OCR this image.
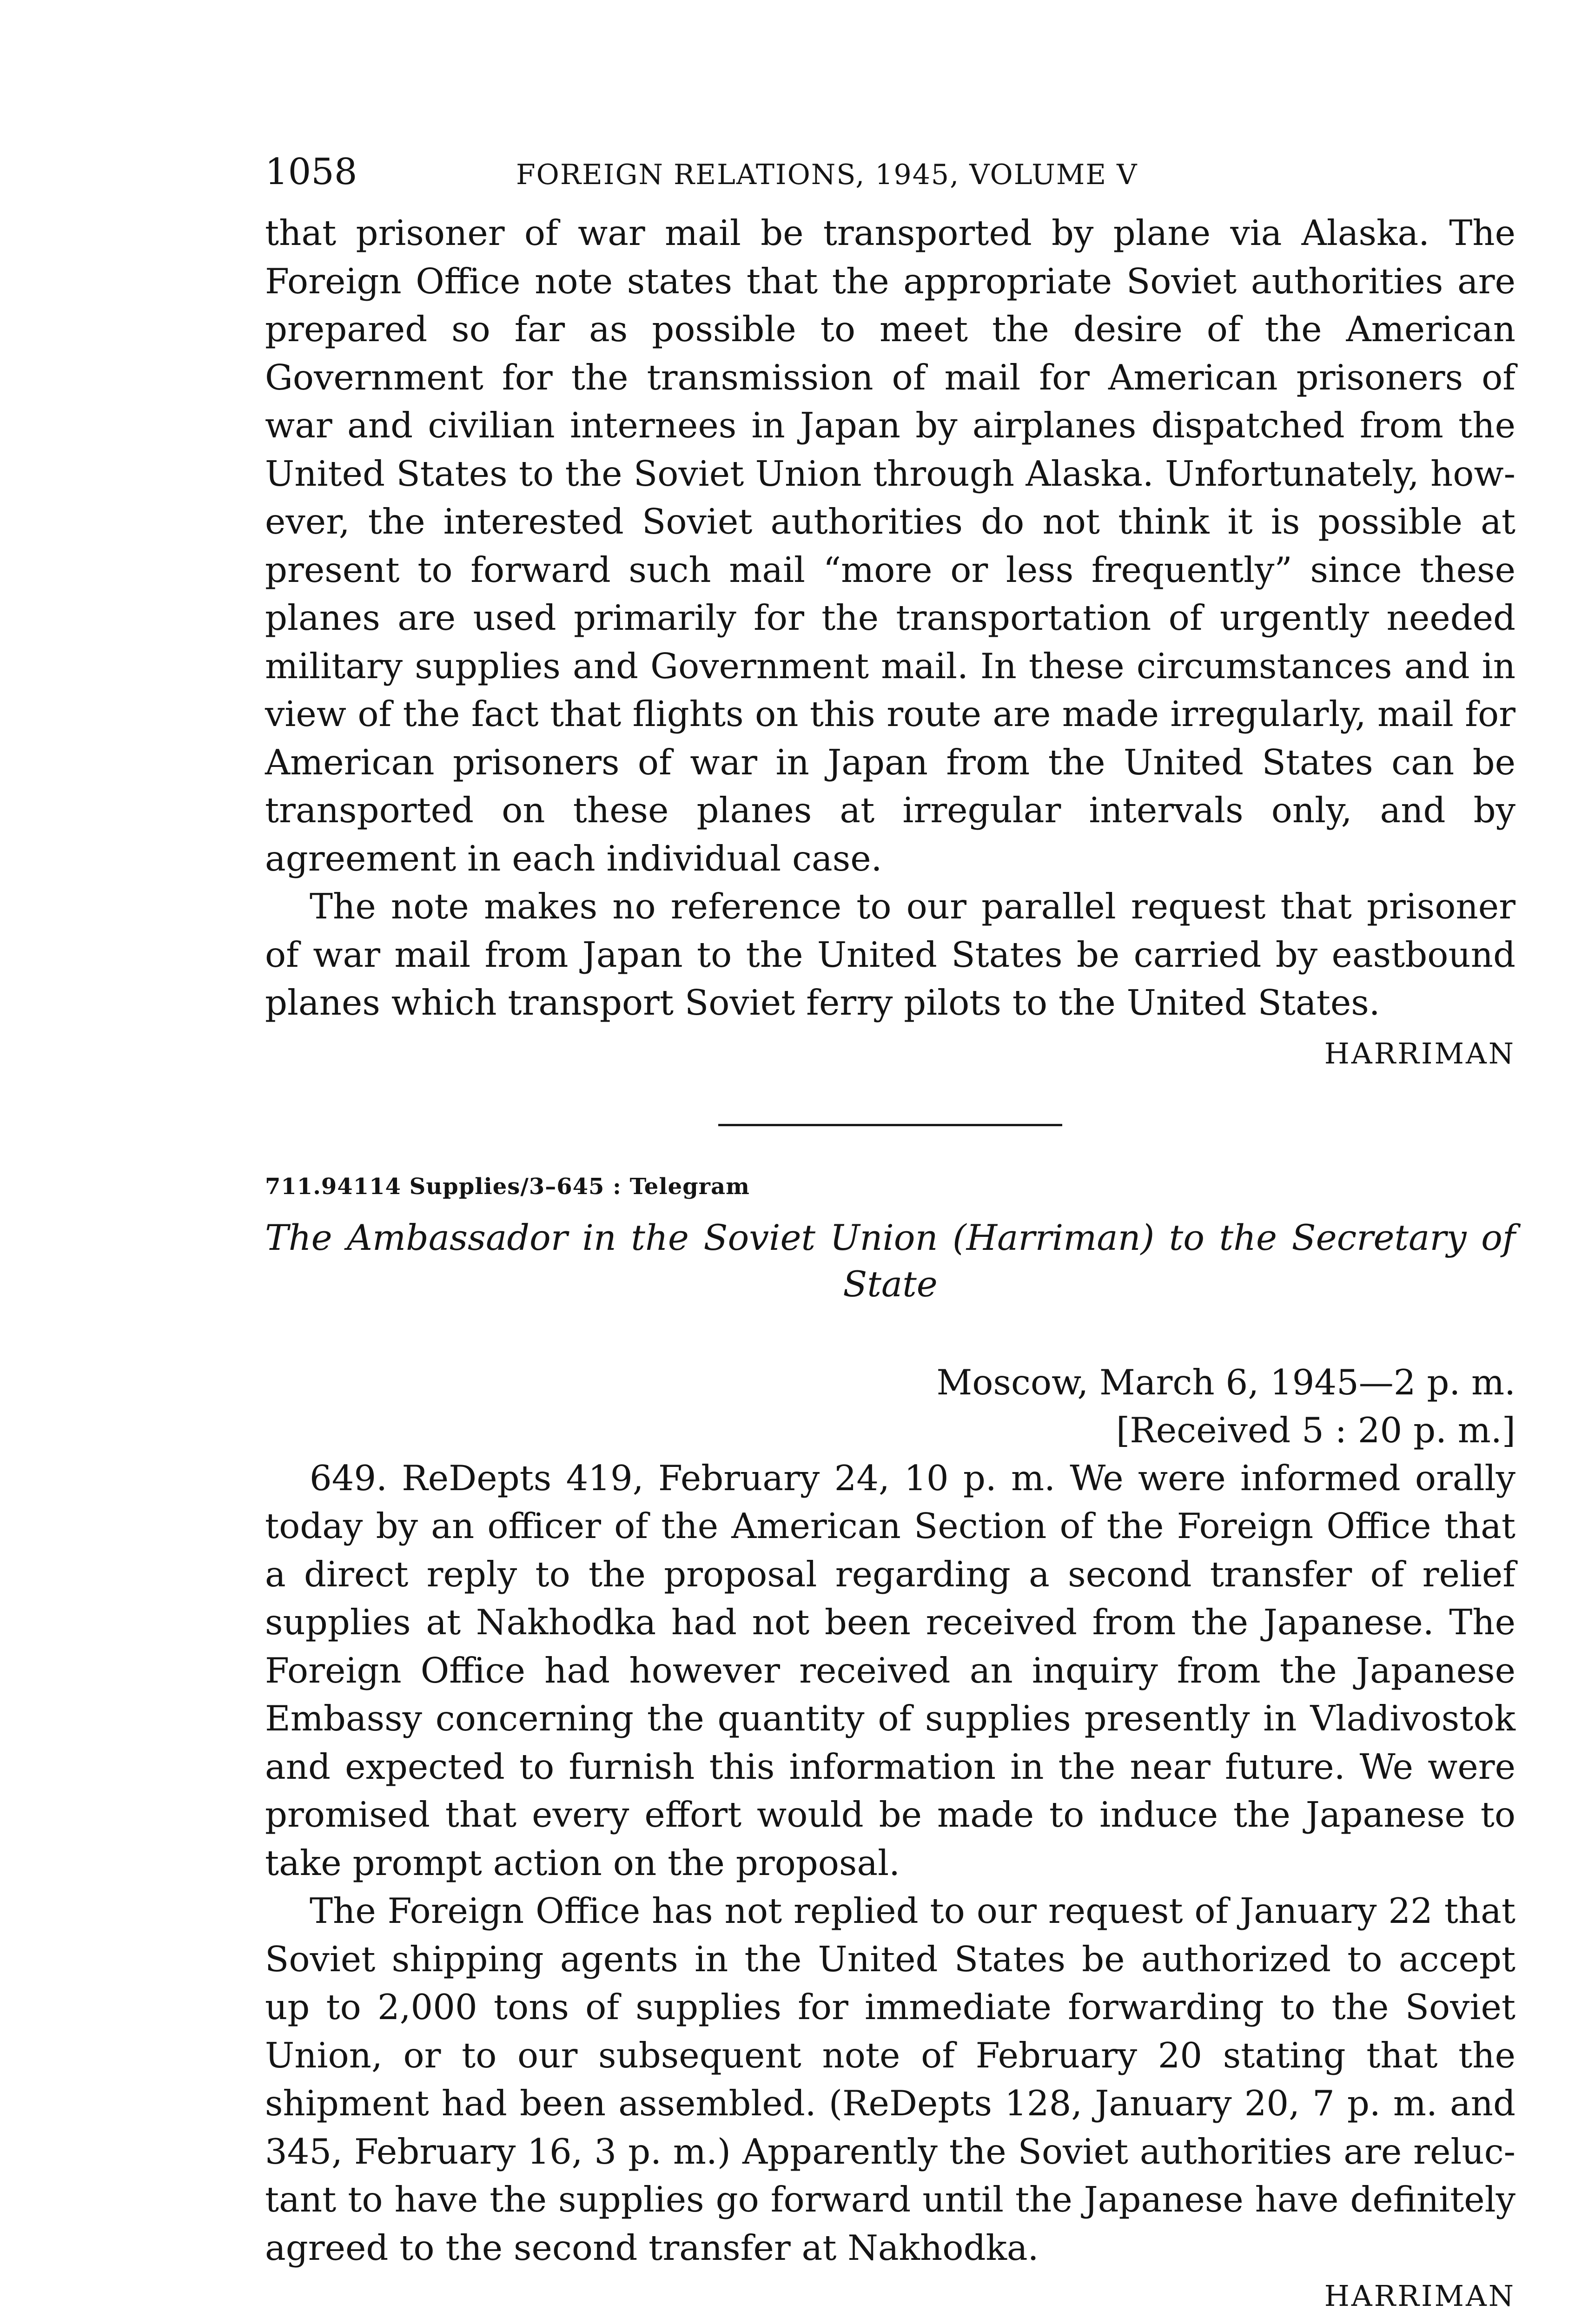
1058	FOREIGN RELATIONS, 1945, VOLUME V

that prisoner of war mail be transported by plane via Alaska. The Foreign Office note states that the appropriate Soviet authorities are prepared so far as possible to meet the desire of the American Government for the transmission of mail for American prisoners of war and civilian internees in Japan by airplanes dispatched from the United States to the Soviet Union through Alaska. Unfortunately, however, the interested Soviet authorities do not think it is possible at present to forward such mail “more or less frequently” since these planes are used primarily for the transportation of urgently needed military supplies and Government mail. In these circumstances and in view of the fact that flights on this route are made irregularly, mail for American prisoners of war in Japan from the United States can be transported on these planes at irregular intervals only, and by agreement in each individual case.

The note makes no reference to our parallel request that prisoner of war mail from Japan to the United States be carried by eastbound planes which transport Soviet ferry pilots to the United States.

HARRIMAN
711.94114 Supplies/3–645 : Telegram
The Ambassador in the Soviet Union (Harriman) to the Secretary of State
Moscow, March 6, 1945—2 p. m.
[Received 5 : 20 p. m.]

649. ReDepts 419, February 24, 10 p. m. We were informed orally today by an officer of the American Section of the Foreign Office that a direct reply to the proposal regarding a second transfer of relief supplies at Nakhodka had not been received from the Japanese. The Foreign Office had however received an inquiry from the Japanese Embassy concerning the quantity of supplies presently in Vladivostok and expected to furnish this information in the near future. We were promised that every effort would be made to induce the Japanese to take prompt action on the proposal.

The Foreign Office has not replied to our request of January 22 that Soviet shipping agents in the United States be authorized to accept up to 2,000 tons of supplies for immediate forwarding to the Soviet Union, or to our subsequent note of February 20 stating that the shipment had been assembled. (ReDepts 128, January 20, 7 p. m. and 345, February 16, 3 p. m.) Apparently the Soviet authorities are reluctant to have the supplies go forward until the Japanese have definitely agreed to the second transfer at Nakhodka.

HARRIMAN
